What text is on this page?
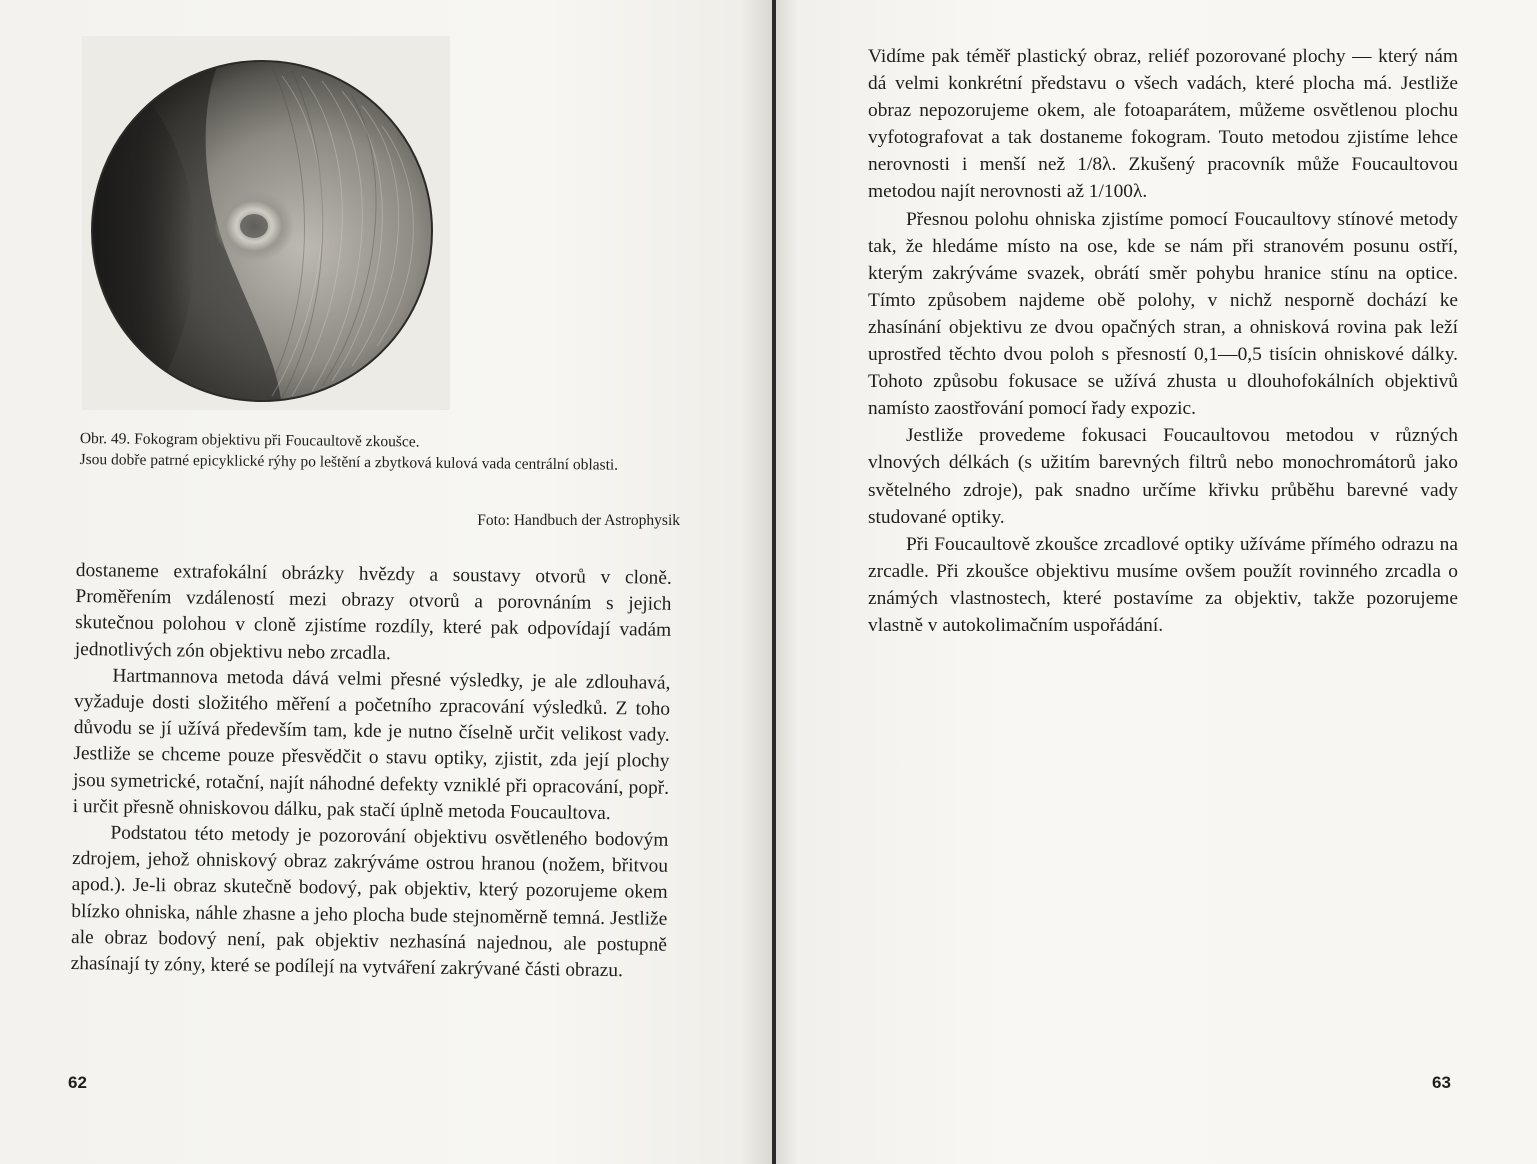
Obr. 49. Fokogram objektivu při Foucaultově zkoušce.

Jsou dobře patrné epicyklické rýhy po leštění a zbytková kulová vada centrální oblasti.

Foto: Handbuch der Astrophysik

dostaneme extrafokální obrázky hvězdy a soustavy otvorů v cloně. Proměřením vzdáleností mezi obrazy otvorů a porovnáním s jejich skutečnou polohou v cloně zjistíme rozdíly, které pak odpovídají vadám jednotlivých zón objektivu nebo zrcadla.

Hartmannova metoda dává velmi přesné výsledky, je ale zdlouhavá, vyžaduje dosti složitého měření a početního zpracování výsledků. Z toho důvodu se jí užívá především tam, kde je nutno číselně určit velikost vady. Jestliže se chceme pouze přesvědčit o stavu optiky, zjistit, zda její plochy jsou symetrické, rotační, najít náhodné defekty vzniklé při opracování, popř. i určit přesně ohniskovou dálku, pak stačí úplně metoda Foucaultova.

Podstatou této metody je pozorování objektivu osvětleného bodovým zdrojem, jehož ohniskový obraz zakrýváme ostrou hranou (nožem, břitvou apod.). Je-li obraz skutečně bodový, pak objektiv, který pozorujeme okem blízko ohniska, náhle zhasne a jeho plocha bude stejnoměrně temná. Jestliže ale obraz bodový není, pak objektiv nezhasíná najednou, ale postupně zhasínají ty zóny, které se podílejí na vytváření zakrývané části obrazu.

62

Vidíme pak téměř plastický obraz, reliéf pozorované plochy — který nám dá velmi konkrétní představu o všech vadách, které plocha má. Jestliže obraz nepozorujeme okem, ale fotoaparátem, můžeme osvětlenou plochu vyfotografovat a tak dostaneme fokogram. Touto metodou zjistíme lehce nerovnosti i menší než 1/8λ. Zkušený pracovník může Foucaultovou metodou najít nerovnosti až 1/100λ.

Přesnou polohu ohniska zjistíme pomocí Foucaultovy stínové metody tak, že hledáme místo na ose, kde se nám při stranovém posunu ostří, kterým zakrýváme svazek, obrátí směr pohybu hranice stínu na optice. Tímto způsobem najdeme obě polohy, v nichž nesporně dochází ke zhasínání objektivu ze dvou opačných stran, a ohnisková rovina pak leží uprostřed těchto dvou poloh s přesností 0,1—0,5 tisícin ohniskové dálky. Tohoto způsobu fokusace se užívá zhusta u dlouhofokálních objektivů namísto zaostřování pomocí řady expozic.

Jestliže provedeme fokusaci Foucaultovou metodou v různých vlnových délkách (s užitím barevných filtrů nebo monochromátorů jako světelného zdroje), pak snadno určíme křivku průběhu barevné vady studované optiky.

Při Foucaultově zkoušce zrcadlové optiky užíváme přímého odrazu na zrcadle. Při zkoušce objektivu musíme ovšem použít rovinného zrcadla o známých vlastnostech, které postavíme za objektiv, takže pozorujeme vlastně v autokolimačním uspořádání.

63
